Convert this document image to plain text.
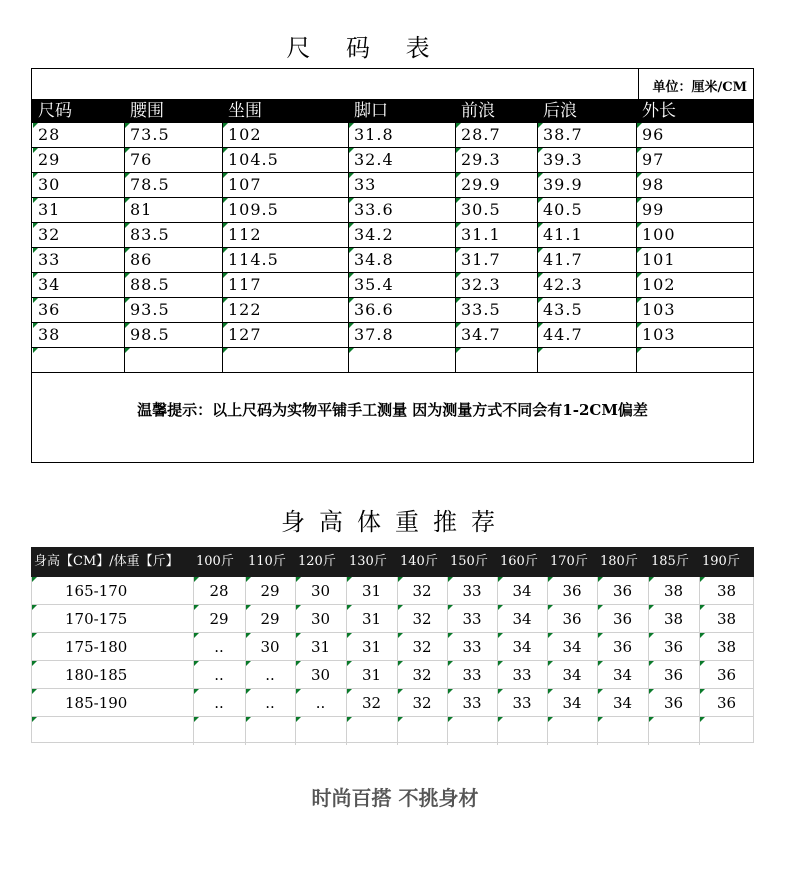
尺 码 表
单位：厘米/CM
尺码	腰围	坐围	脚口	前浪	后浪	外长
28	73.5	102	31.8	28.7	38.7	96
29	76	104.5	32.4	29.3	39.3	97
30	78.5	107	33	29.9	39.9	98
31	81	109.5	33.6	30.5	40.5	99
32	83.5	112	34.2	31.1	41.1	100
33	86	114.5	34.8	31.7	41.7	101
34	88.5	117	35.4	32.3	42.3	102
36	93.5	122	36.6	33.5	43.5	103
38	98.5	127	37.8	34.7	44.7	103
温馨提示：以上尺码为实物平铺手工测量 因为测量方式不同会有1-2CM偏差
身高体重推荐
身高【CM】/体重【斤】 100斤 110斤 120斤 130斤 140斤 150斤 160斤 170斤 180斤 185斤 190斤
165-170	28	29	30	31	32	33	34	36	36	38	38
170-175	29	29	30	31	32	33	34	36	36	38	38
175-180	..	30	31	31	32	33	34	34	36	36	38
180-185	..	..	30	31	32	33	33	34	34	36	36
185-190	..	..	..	32	32	33	33	34	34	36	36
时尚百搭 不挑身材
